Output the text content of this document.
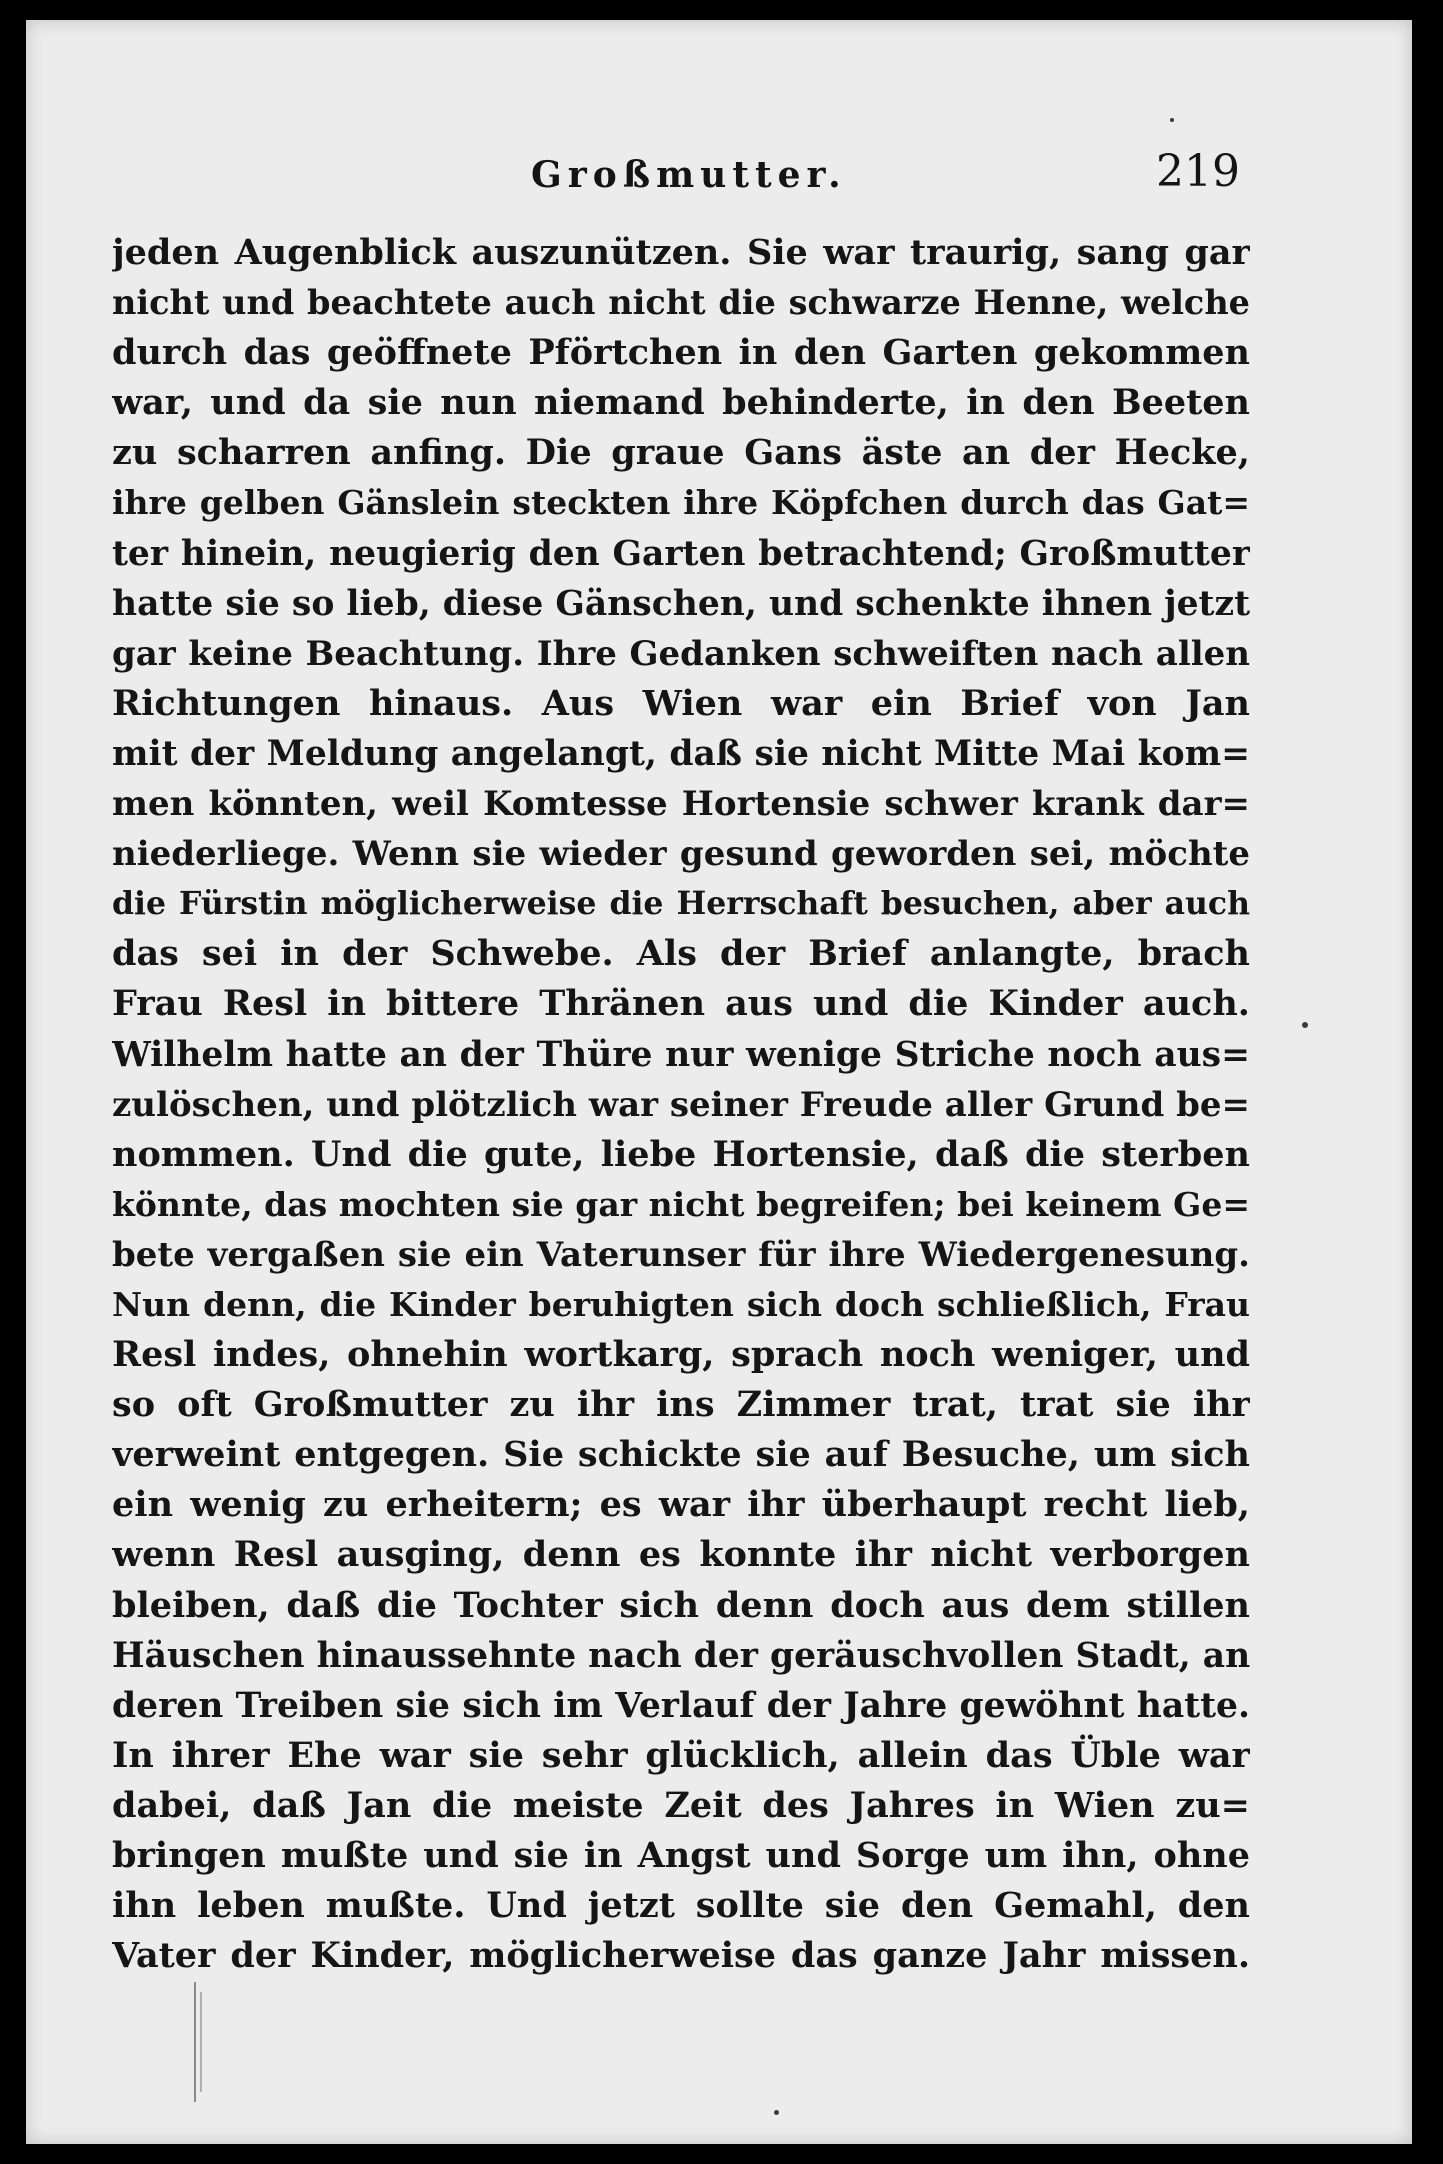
Großmutter.	219
jeden Augenblick auszunützen. Sie war traurig, sang gar
nicht und beachtete auch nicht die schwarze Henne, welche
durch das geöffnete Pförtchen in den Garten gekommen
war, und da sie nun niemand behinderte, in den Beeten
zu scharren anfing. Die graue Gans äste an der Hecke,
ihre gelben Gänslein steckten ihre Köpfchen durch das Gat=
ter hinein, neugierig den Garten betrachtend; Großmutter
hatte sie so lieb, diese Gänschen, und schenkte ihnen jetzt
gar keine Beachtung. Ihre Gedanken schweiften nach allen
Richtungen hinaus. Aus Wien war ein Brief von Jan
mit der Meldung angelangt, daß sie nicht Mitte Mai kom=
men könnten, weil Komtesse Hortensie schwer krank dar=
niederliege. Wenn sie wieder gesund geworden sei, möchte
die Fürstin möglicherweise die Herrschaft besuchen, aber auch
das sei in der Schwebe. Als der Brief anlangte, brach
Frau Resl in bittere Thränen aus und die Kinder auch.
Wilhelm hatte an der Thüre nur wenige Striche noch aus=
zulöschen, und plötzlich war seiner Freude aller Grund be=
nommen. Und die gute, liebe Hortensie, daß die sterben
könnte, das mochten sie gar nicht begreifen; bei keinem Ge=
bete vergaßen sie ein Vaterunser für ihre Wiedergenesung.
Nun denn, die Kinder beruhigten sich doch schließlich, Frau
Resl indes, ohnehin wortkarg, sprach noch weniger, und
so oft Großmutter zu ihr ins Zimmer trat, trat sie ihr
verweint entgegen. Sie schickte sie auf Besuche, um sich
ein wenig zu erheitern; es war ihr überhaupt recht lieb,
wenn Resl ausging, denn es konnte ihr nicht verborgen
bleiben, daß die Tochter sich denn doch aus dem stillen
Häuschen hinaussehnte nach der geräuschvollen Stadt, an
deren Treiben sie sich im Verlauf der Jahre gewöhnt hatte.
In ihrer Ehe war sie sehr glücklich, allein das Üble war
dabei, daß Jan die meiste Zeit des Jahres in Wien zu=
bringen mußte und sie in Angst und Sorge um ihn, ohne
ihn leben mußte. Und jetzt sollte sie den Gemahl, den
Vater der Kinder, möglicherweise das ganze Jahr missen.
